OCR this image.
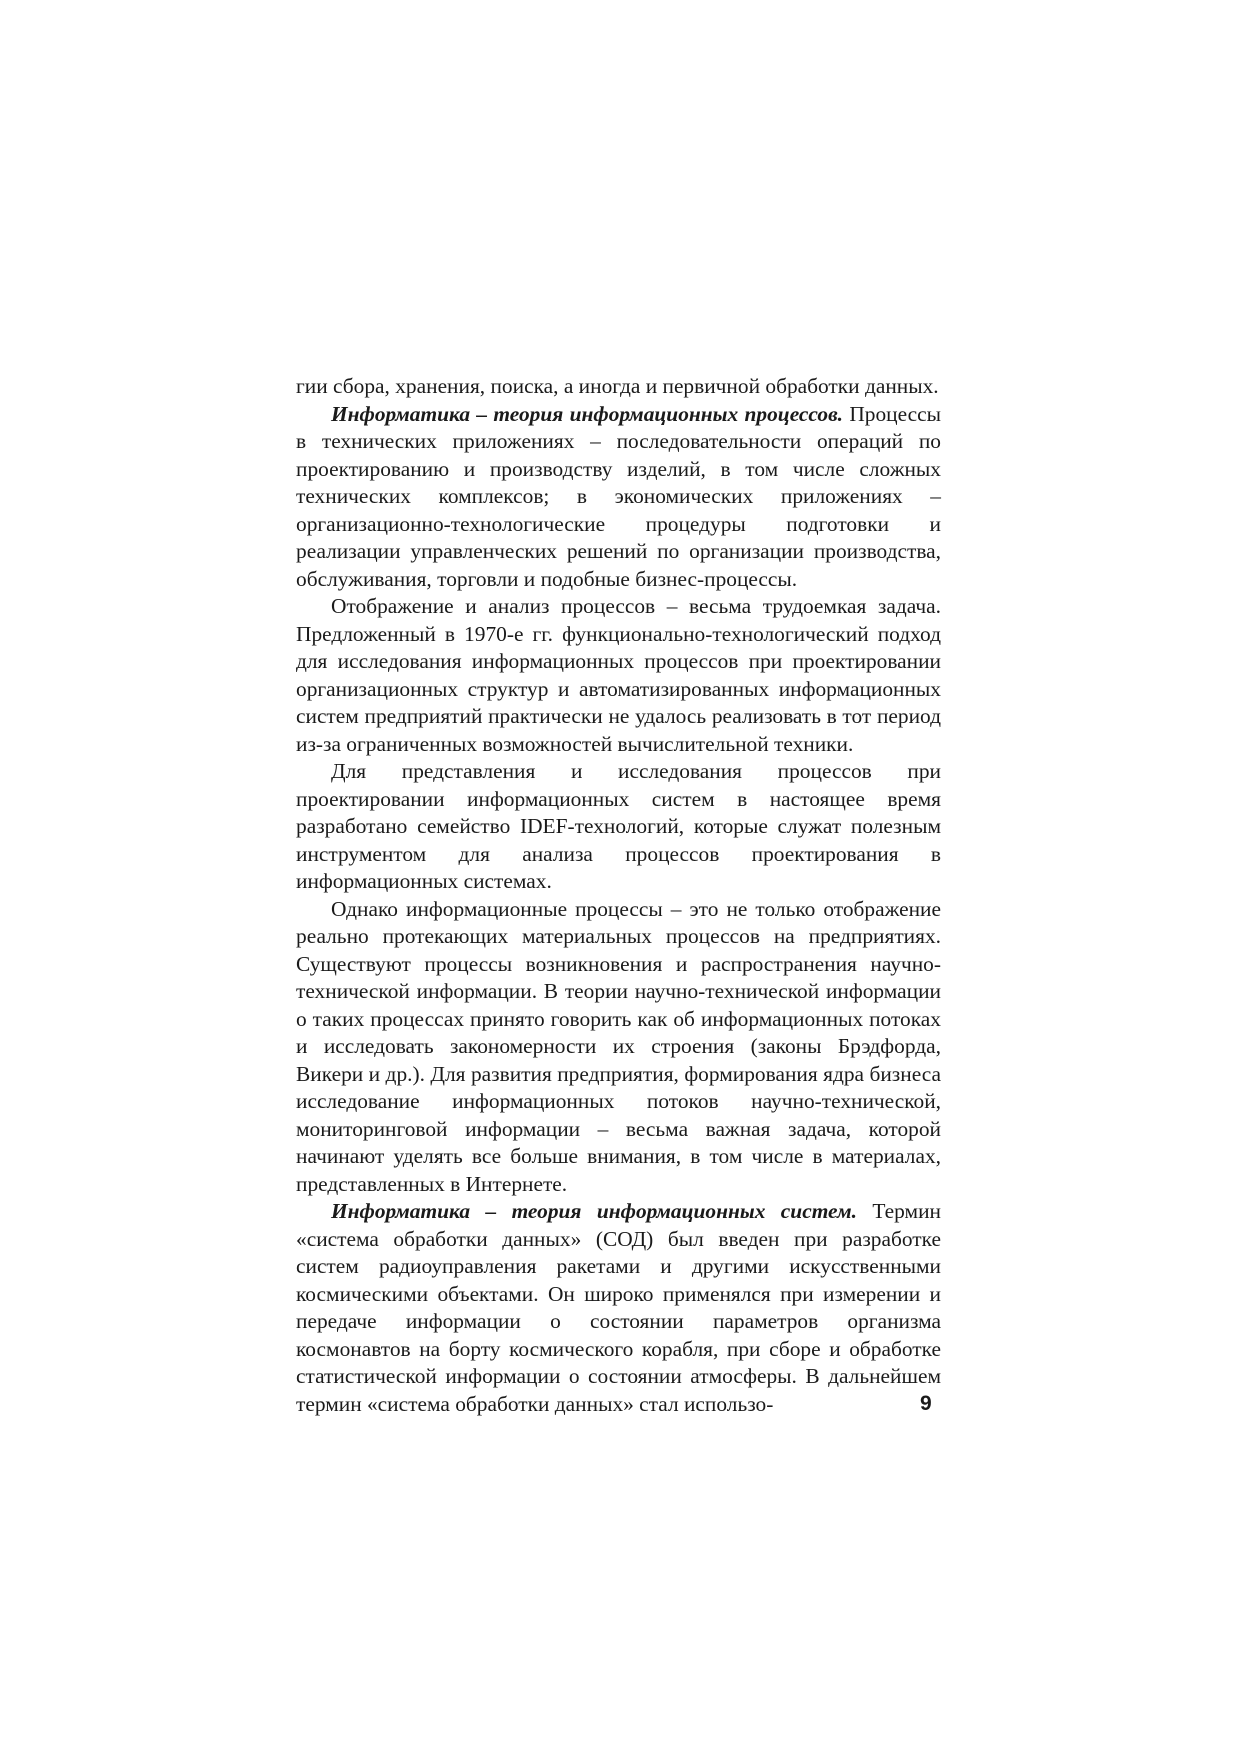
гии сбора, хранения, поиска, а иногда и первичной обработки данных.

Информатика – теория информационных процессов. Процессы в технических приложениях – последовательности операций по проектированию и производству изделий, в том числе сложных технических комплексов; в экономических приложениях – организационно-технологические процедуры подготовки и реализации управленческих решений по организации производства, обслуживания, торговли и подобные бизнес-процессы.

Отображение и анализ процессов – весьма трудоемкая задача. Предложенный в 1970-е гг. функционально-технологический подход для исследования информационных процессов при проектировании организационных структур и автоматизированных информационных систем предприятий практически не удалось реализовать в тот период из-за ограниченных возможностей вычислительной техники.

Для представления и исследования процессов при проектировании информационных систем в настоящее время разработано семейство IDEF-технологий, которые служат полезным инструментом для анализа процессов проектирования в информационных системах.

Однако информационные процессы – это не только отображение реально протекающих материальных процессов на предприятиях. Существуют процессы возникновения и распространения научно-технической информации. В теории научно-технической информации о таких процессах принято говорить как об информационных потоках и исследовать закономерности их строения (законы Брэдфорда, Викери и др.). Для развития предприятия, формирования ядра бизнеса исследование информационных потоков научно-технической, мониторинговой информации – весьма важная задача, которой начинают уделять все больше внимания, в том числе в материалах, представленных в Интернете.

Информатика – теория информационных систем. Термин «система обработки данных» (СОД) был введен при разработке систем радиоуправления ракетами и другими искусственными космическими объектами. Он широко применялся при измерении и передаче информации о состоянии параметров организма космонавтов на борту космического корабля, при сборе и обработке статистической информации о состоянии атмосферы. В дальнейшем термин «система обработки данных» стал использо-	9
